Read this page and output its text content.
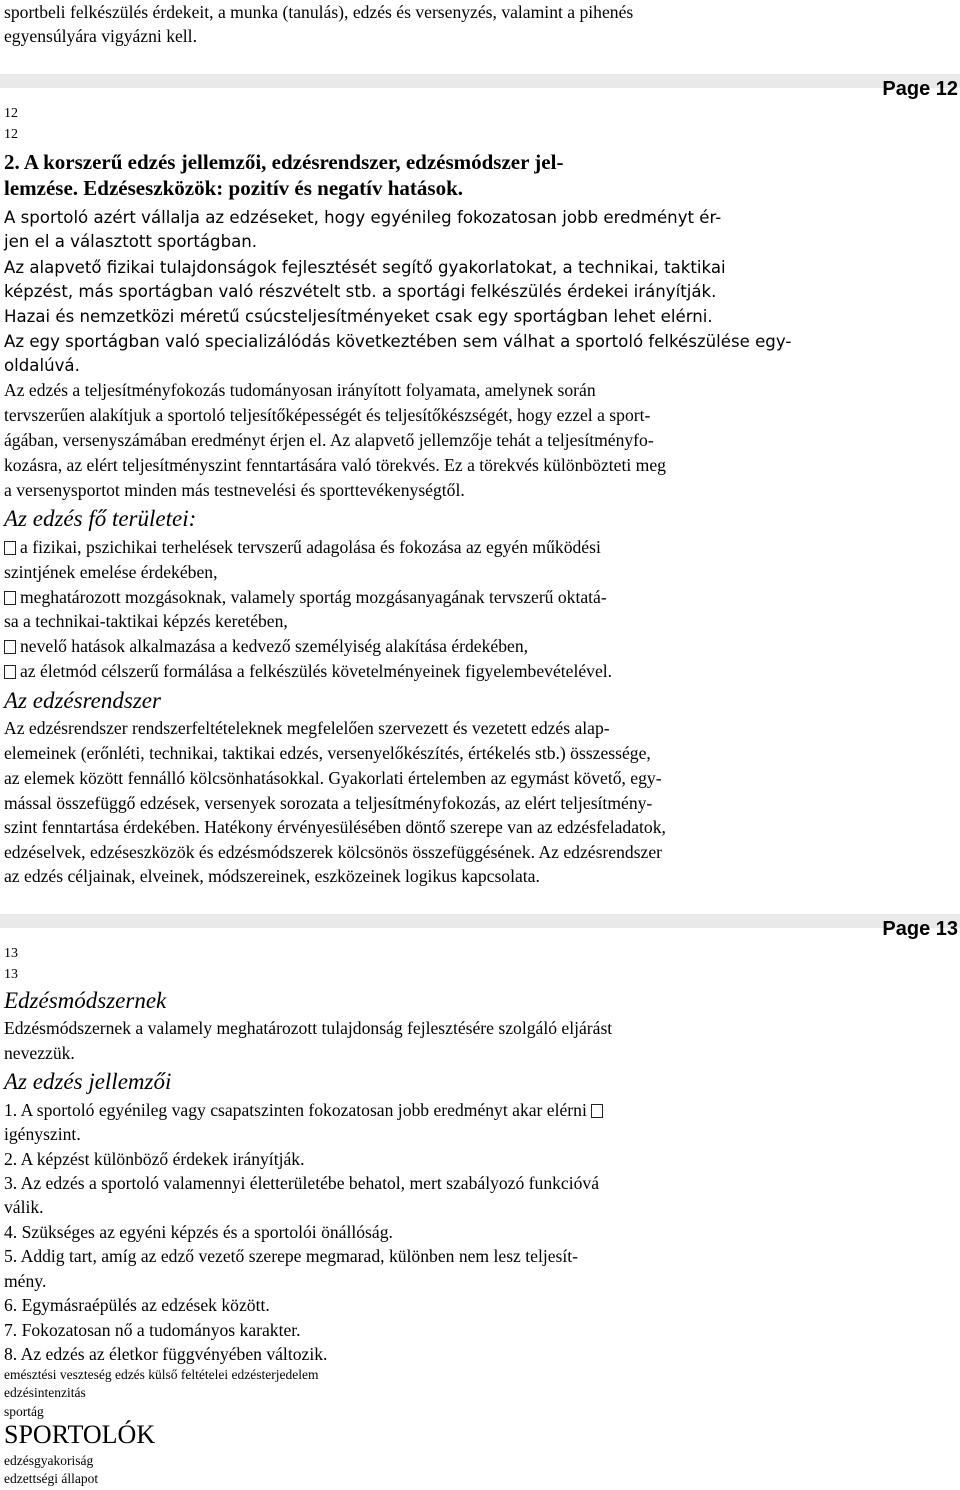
sportbeli felkészülés érdekeit, a munka (tanulás), edzés és versenyzés, valamint a pihenés
egyensúlyára vigyázni kell.
Page 12
12
12
2. A korszerű edzés jellemzői, edzésrendszer, edzésmódszer jel-
lemzése. Edzéseszközök: pozitív és negatív hatások.
A sportoló azért vállalja az edzéseket, hogy egyénileg fokozatosan jobb eredményt ér-
jen el a választott sportágban.
Az alapvető fizikai tulajdonságok fejlesztését segítő gyakorlatokat, a technikai, taktikai
képzést, más sportágban való részvételt stb. a sportági felkészülés érdekei irányítják.
Hazai és nemzetközi méretű csúcsteljesítményeket csak egy sportágban lehet elérni.
Az egy sportágban való specializálódás következtében sem válhat a sportoló felkészülése egy-
oldalúvá.
Az edzés a teljesítményfokozás tudományosan irányított folyamata, amelynek során
tervszerűen alakítjuk a sportoló teljesítőképességét és teljesítőkészségét, hogy ezzel a sport-
ágában, versenyszámában eredményt érjen el. Az alapvető jellemzője tehát a teljesítményfo-
kozásra, az elért teljesítményszint fenntartására való törekvés. Ez a törekvés különbözteti meg
a versenysportot minden más testnevelési és sporttevékenységtől.
Az edzés fő területei:
a fizikai, pszichikai terhelések tervszerű adagolása és fokozása az egyén működési
szintjének emelése érdekében,
meghatározott mozgásoknak, valamely sportág mozgásanyagának tervszerű oktatá-
sa a technikai-taktikai képzés keretében,
nevelő hatások alkalmazása a kedvező személyiség alakítása érdekében,
az életmód célszerű formálása a felkészülés követelményeinek figyelembevételével.
Az edzésrendszer
Az edzésrendszer rendszerfeltételeknek megfelelően szervezett és vezetett edzés alap-
elemeinek (erőnléti, technikai, taktikai edzés, versenyelőkészítés, értékelés stb.) összessége,
az elemek között fennálló kölcsönhatásokkal. Gyakorlati értelemben az egymást követő, egy-
mással összefüggő edzések, versenyek sorozata a teljesítményfokozás, az elért teljesítmény-
szint fenntartása érdekében. Hatékony érvényesülésében döntő szerepe van az edzésfeladatok,
edzéselvek, edzéseszközök és edzésmódszerek kölcsönös összefüggésének. Az edzésrendszer
az edzés céljainak, elveinek, módszereinek, eszközeinek logikus kapcsolata.
Page 13
13
13
Edzésmódszernek
Edzésmódszernek a valamely meghatározott tulajdonság fejlesztésére szolgáló eljárást
nevezzük.
Az edzés jellemzői
1. A sportoló egyénileg vagy csapatszinten fokozatosan jobb eredményt akar elérni
igényszint.
2. A képzést különböző érdekek irányítják.
3. Az edzés a sportoló valamennyi életterületébe behatol, mert szabályozó funkcióvá
válik.
4. Szükséges az egyéni képzés és a sportolói önállóság.
5. Addig tart, amíg az edző vezető szerepe megmarad, különben nem lesz teljesít-
mény.
6. Egymásraépülés az edzések között.
7. Fokozatosan nő a tudományos karakter.
8. Az edzés az életkor függvényében változik.
emésztési veszteség edzés külső feltételei edzésterjedelem
edzésintenzitás
sportág
SPORTOLÓK
edzésgyakoriság
edzettségi állapot
